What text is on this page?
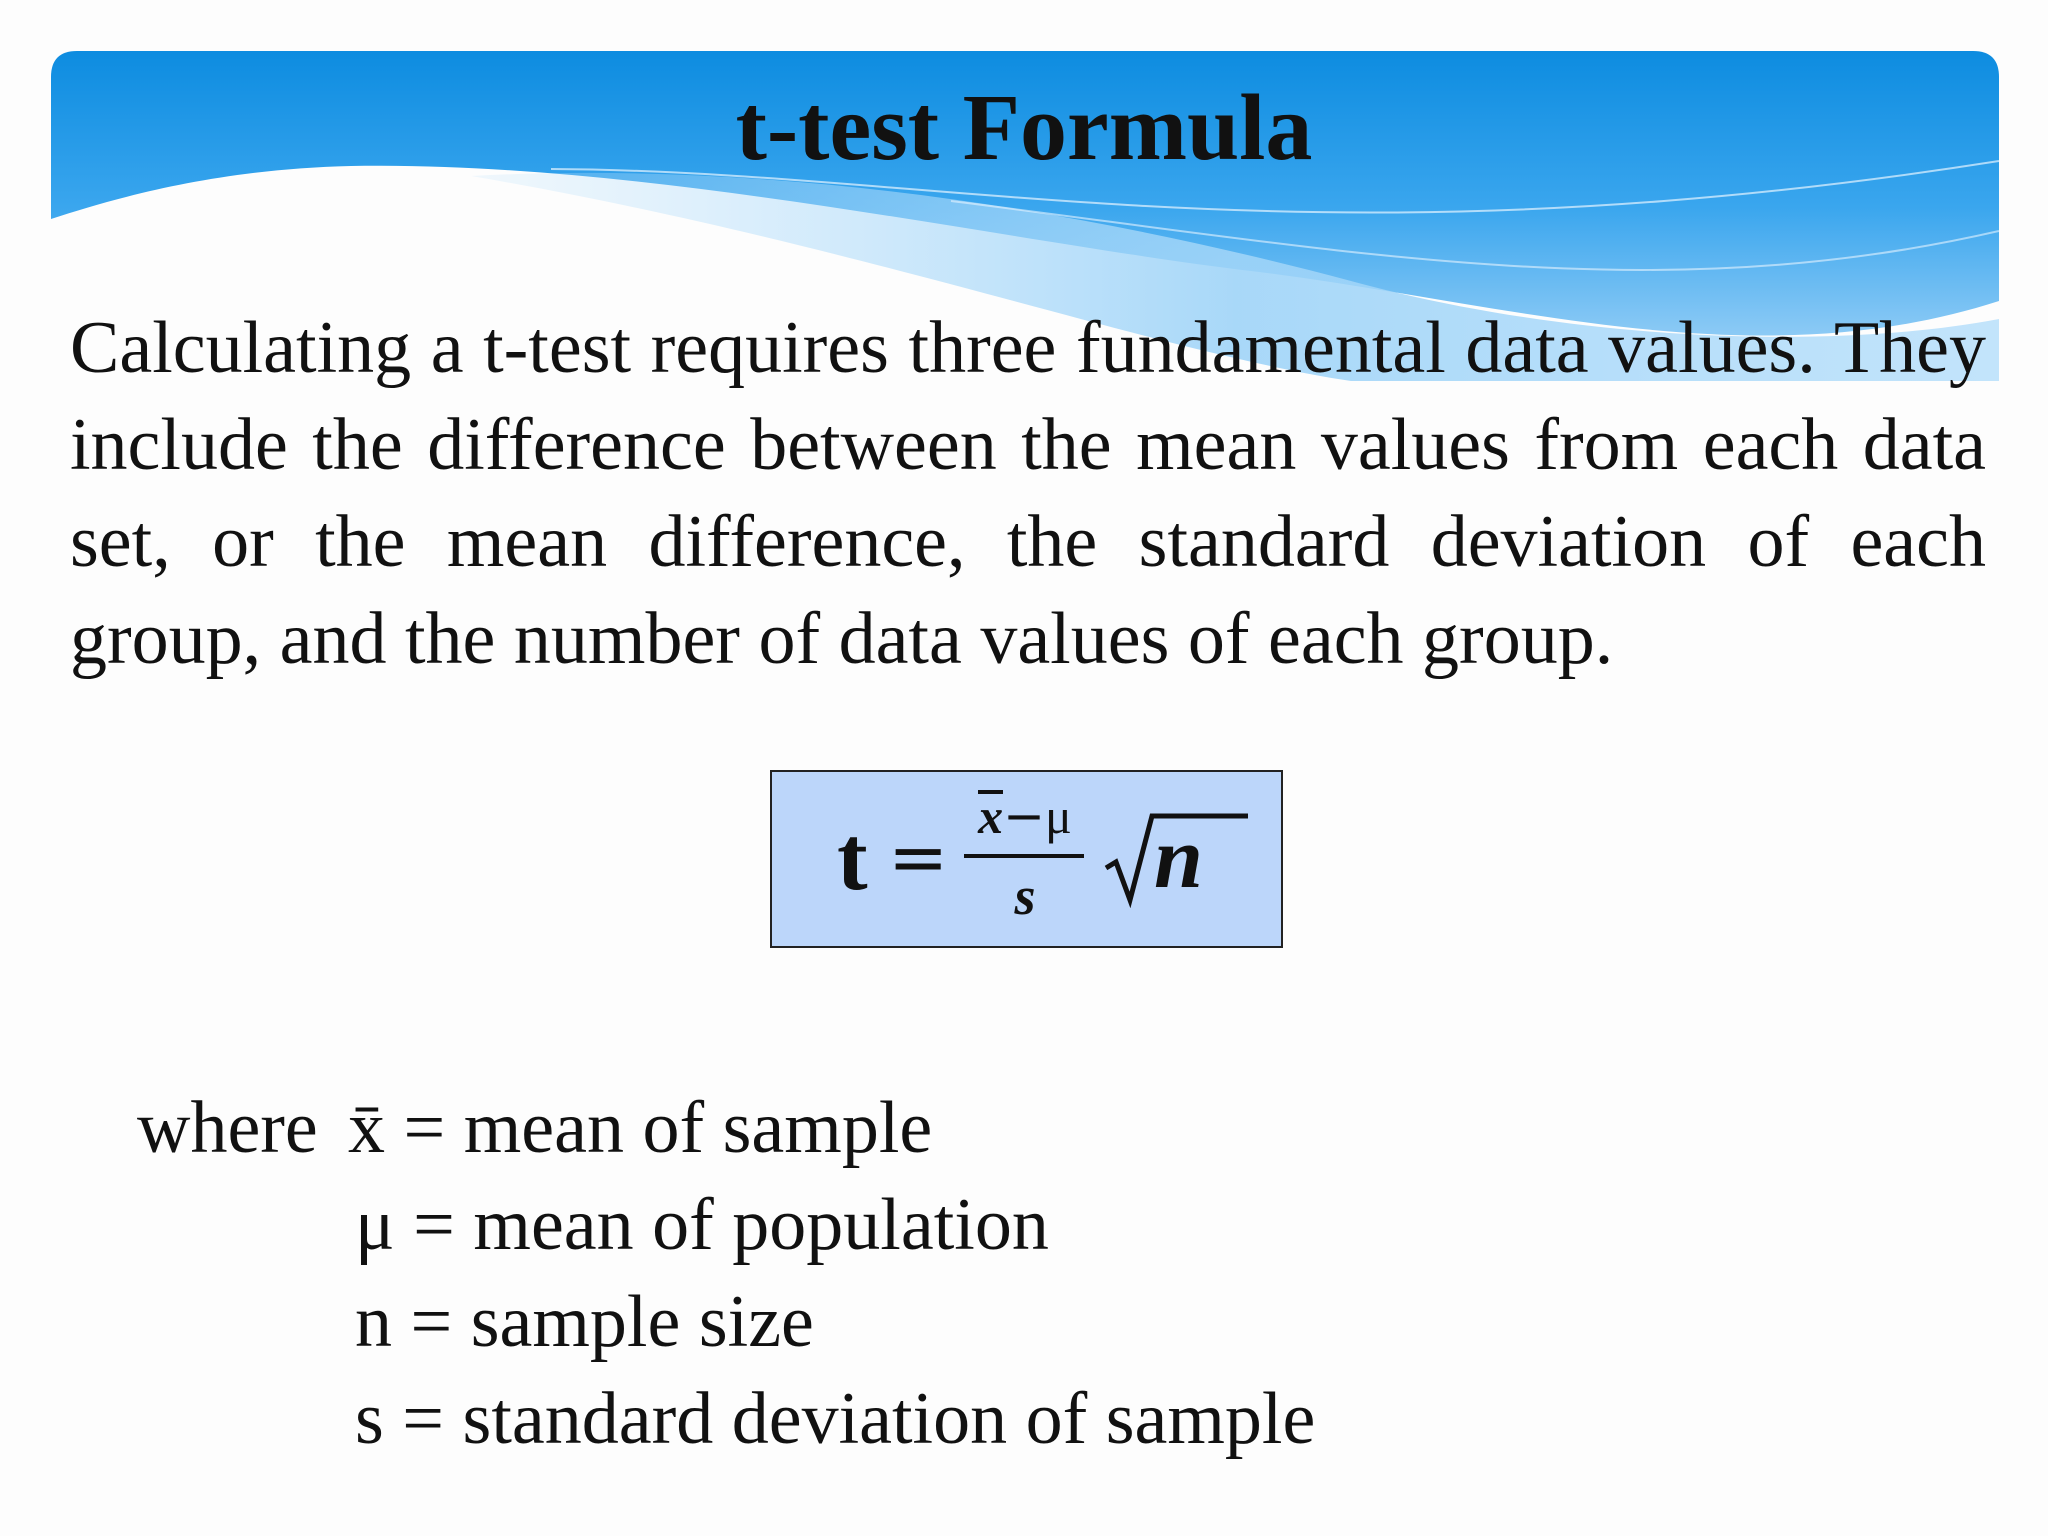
t-test Formula

Calculating a t-test requires three fundamental data values. They include the difference between the mean values from each data set, or the mean difference, the standard deviation of each group, and the number of data values of each group.

t = x−μ
s	n
where x̄ = mean of sample
μ = mean of population
n = sample size
s = standard deviation of sample
